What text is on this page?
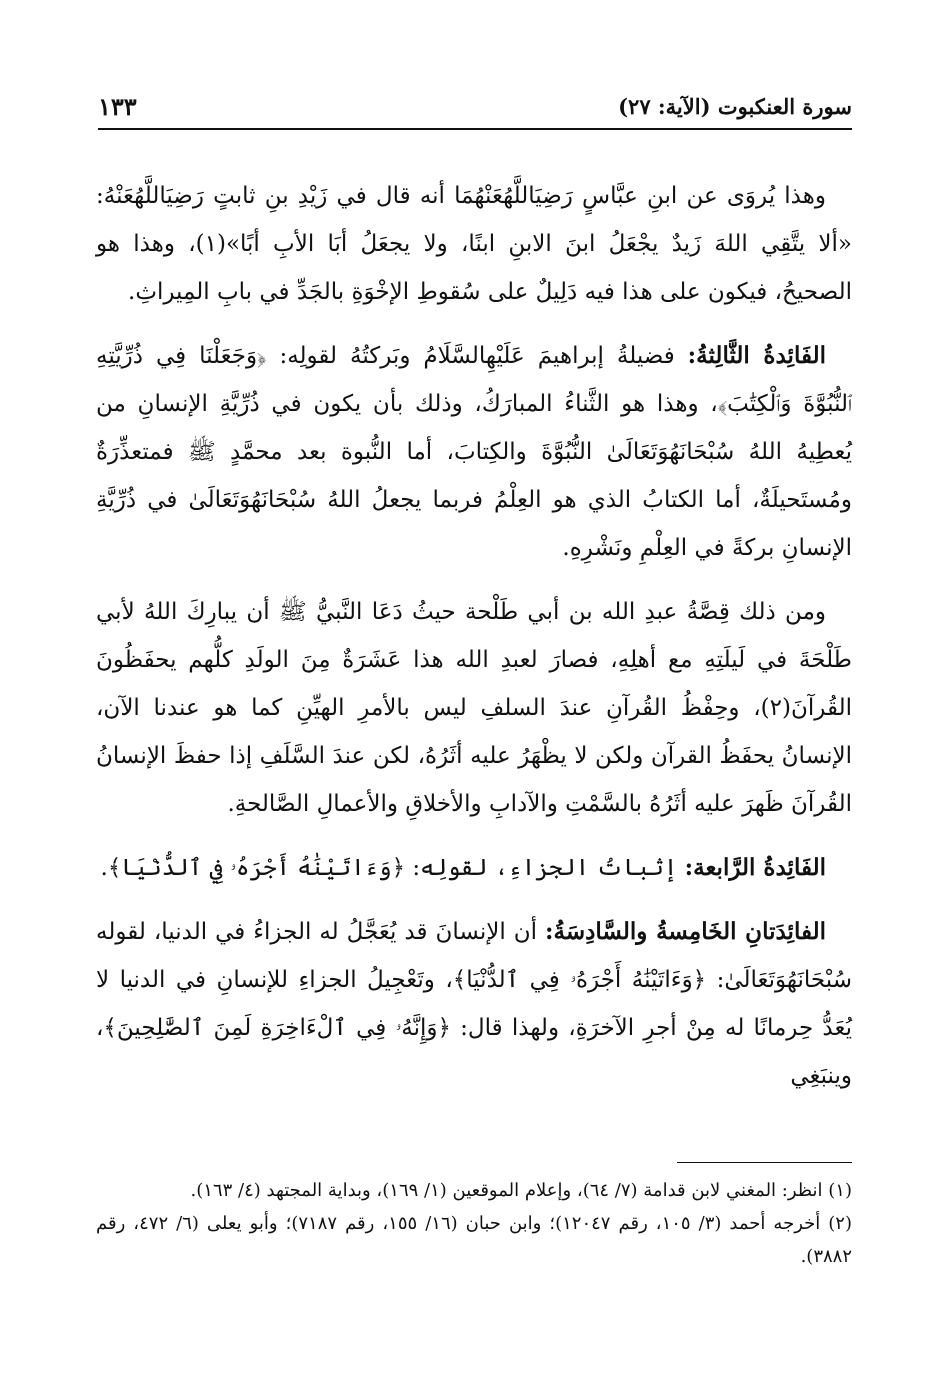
سورة العنكبوت (الآية: ٢٧)
١٣٣

وهذا يُروَى عن ابنِ عبَّاسٍ رَضِيَاللَّهُعَنْهُمَا أنه قال في زَيْدِ بنِ ثابتٍ رَضِيَاللَّهُعَنْهُ: «ألا يتَّقِي اللهَ زَيدٌ يجْعَلُ ابنَ الابنِ ابنًا، ولا يجعَلُ أبَا الأبِ أبًا»(١)، وهذا هو الصحيحُ، فيكون على هذا فيه دَلِيلٌ على سُقوطِ الإخْوَةِ بالجَدِّ في بابِ المِيراثِ.

الفَائِدةُ الثَّالِثةُ: فضيلةُ إبراهيمَ عَلَيْهِالسَّلَامُ وبَركتُهُ لقولِه: ﴿وَجَعَلْنَا فِي ذُرِّيَّتِهِ ٱلنُّبُوَّةَ وَٱلْكِتَٰبَ﴾، وهذا هو الثَّناءُ المبارَكُ، وذلك بأن يكون في ذُرِّيَّةِ الإنسانِ من يُعطِيهُ اللهُ سُبْحَانَهُوَتَعَالَىٰ النُّبُوَّةَ والكِتابَ، أما النُّبوة بعد محمَّدٍ ﷺ فمتعذِّرَةٌ ومُستَحيلَةٌ، أما الكتابُ الذي هو العِلْمُ فربما يجعلُ اللهُ سُبْحَانَهُوَتَعَالَىٰ في ذُرِّيَّةِ الإنسانِ بركةً في العِلْمِ ونَشْرِهِ.

ومن ذلك قِصَّةُ عبدِ الله بن أبي طَلْحة حيثُ دَعَا النَّبيُّ ﷺ أن يبارِكَ اللهُ لأبي طَلْحَةَ في لَيلَتِهِ مع أهلِهِ، فصارَ لعبدِ الله هذا عَشَرَةٌ مِنَ الولَدِ كلُّهم يحفَظُونَ القُرآنَ(٢)، وحِفْظُ القُرآنِ عندَ السلفِ ليس بالأمرِ الهيِّنِ كما هو عندنا الآن، الإنسانُ يحفَظُ القرآن ولكن لا يظْهَرُ عليه أثَرُهُ، لكن عندَ السَّلَفِ إذا حفظَ الإنسانُ القُرآنَ ظَهرَ عليه أثَرُهُ بالسَّمْتِ والآدابِ والأخلاقِ والأعمالِ الصَّالحةِ.

الفَائِدةُ الرَّابعة: إثباتُ الجزاءِ، لقولِه: ﴿وَءَاتَيْنَٰهُ أَجْرَهُۥ فِي ٱلدُّنْيَا﴾.

الفائِدَتانِ الخَامِسةُ والسَّادِسَةُ: أن الإنسانَ قد يُعَجَّلُ له الجزاءُ في الدنيا، لقوله سُبْحَانَهُوَتَعَالَىٰ: ﴿وَءَاتَيْنَٰهُ أَجْرَهُۥ فِي ٱلدُّنْيَا﴾، وتَعْجِيلُ الجزاءِ للإنسانِ في الدنيا لا يُعَدُّ حِرمانًا له مِنْ أجرِ الآخرَةِ، ولهذا قال: ﴿وَإِنَّهُۥ فِي ٱلْءَاخِرَةِ لَمِنَ ٱلصَّٰلِحِينَ﴾، وينبَغِي

(١) انظر: المغني لابن قدامة (٧/ ٦٤)، وإعلام الموقعين (١/ ١٦٩)، وبداية المجتهد (٤/ ١٦٣).

(٢) أخرجه أحمد (٣/ ١٠٥، رقم ١٢٠٤٧)؛ وابن حبان (١٦/ ١٥٥، رقم ٧١٨٧)؛ وأبو يعلى (٦/ ٤٧٢، رقم ٣٨٨٢).
